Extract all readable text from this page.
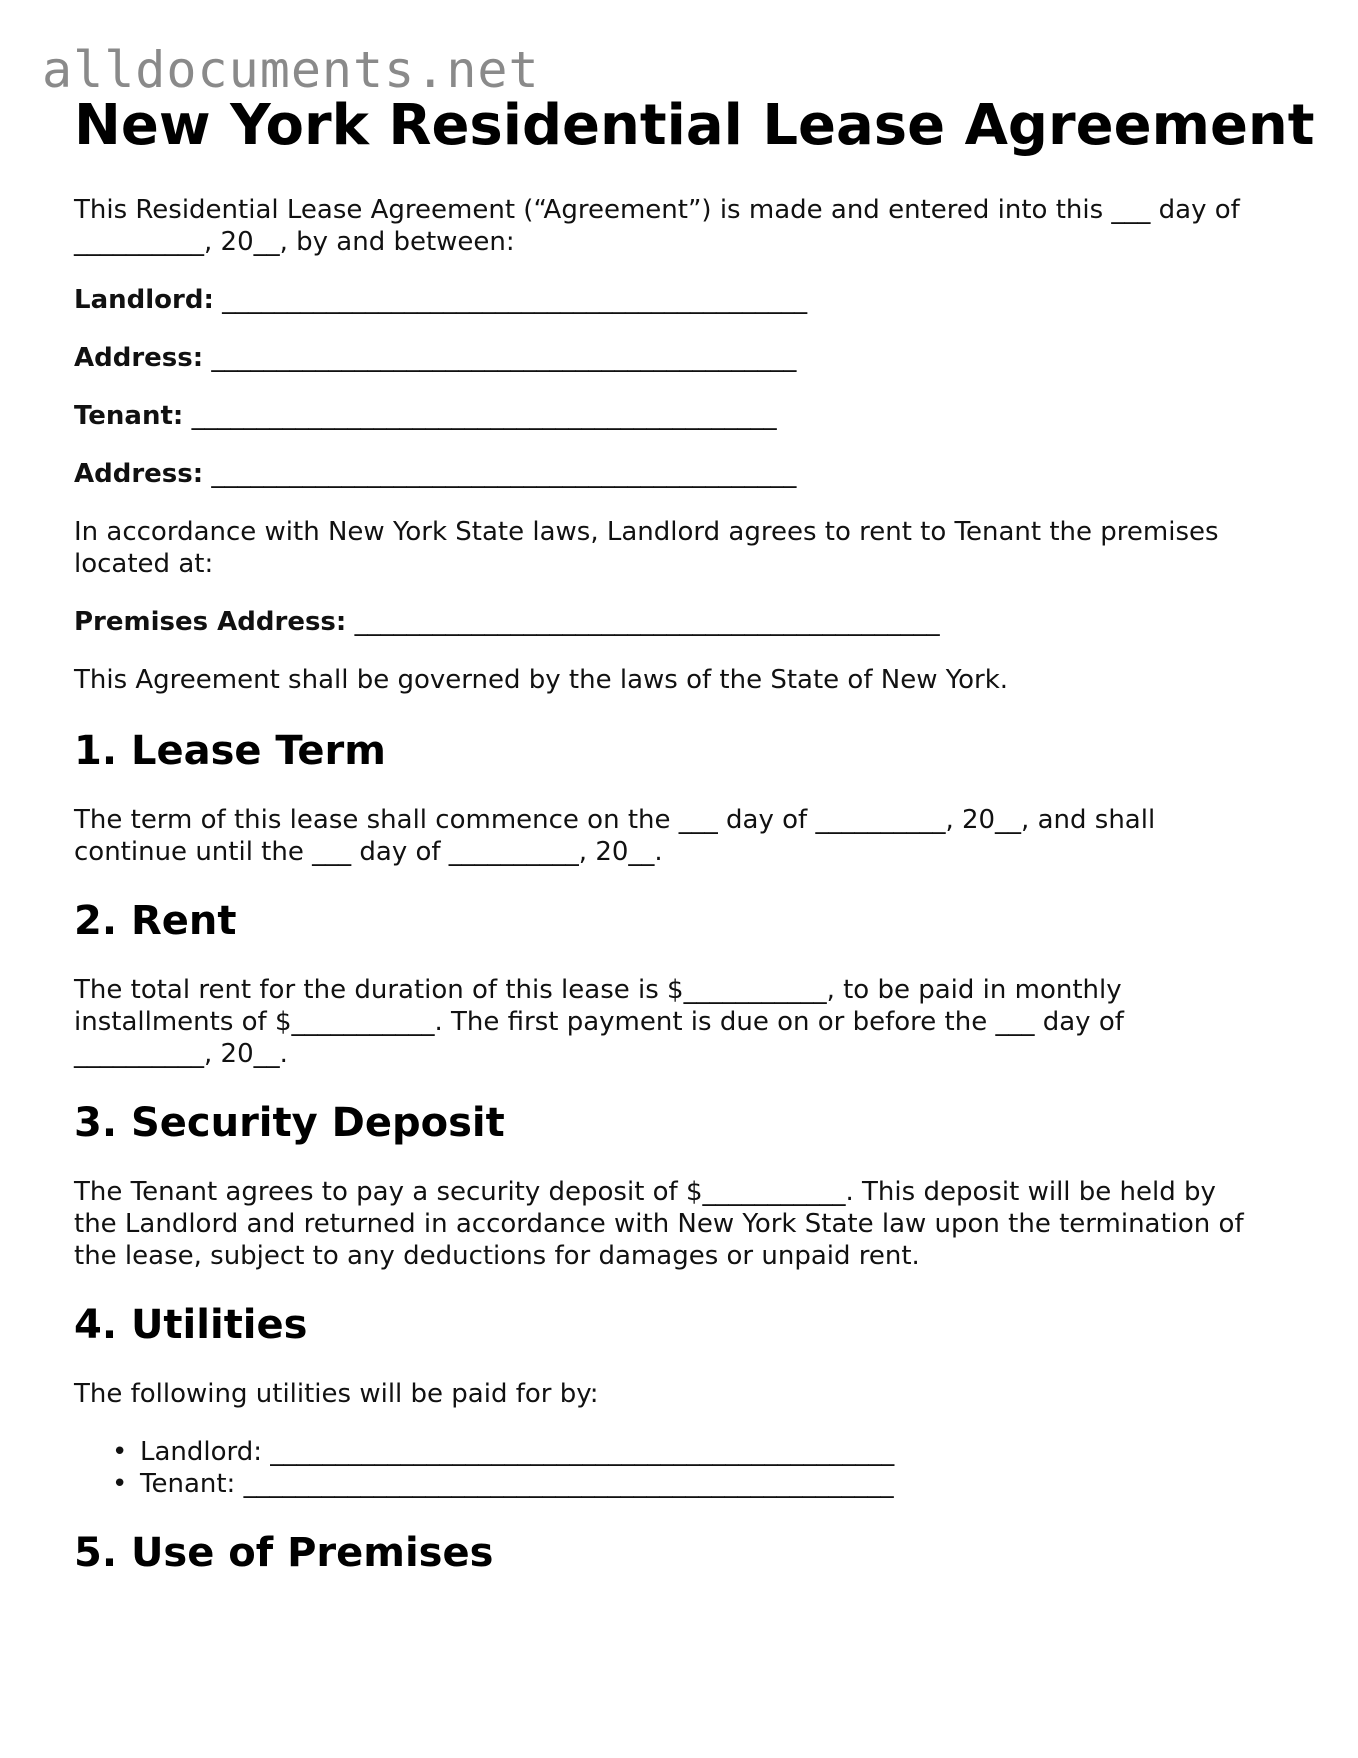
alldocuments.net
New York Residential Lease Agreement

This Residential Lease Agreement (“Agreement”) is made and entered into this ___ day of

__________, 20__, by and between:

Landlord: _____________________________________________
Address: _____________________________________________
Tenant: _____________________________________________
Address: _____________________________________________

In accordance with New York State laws, Landlord agrees to rent to Tenant the premises

located at:

Premises Address: _____________________________________________

This Agreement shall be governed by the laws of the State of New York.

1. Lease Term

The term of this lease shall commence on the ___ day of __________, 20__, and shall

continue until the ___ day of __________, 20__.

2. Rent

The total rent for the duration of this lease is $___________, to be paid in monthly

installments of $___________. The first payment is due on or before the ___ day of

__________, 20__.

3. Security Deposit

The Tenant agrees to pay a security deposit of $___________. This deposit will be held by

the Landlord and returned in accordance with New York State law upon the termination of

the lease, subject to any deductions for damages or unpaid rent.

4. Utilities

The following utilities will be paid for by:

• Landlord: ________________________________________________
• Tenant: __________________________________________________
5. Use of Premises
